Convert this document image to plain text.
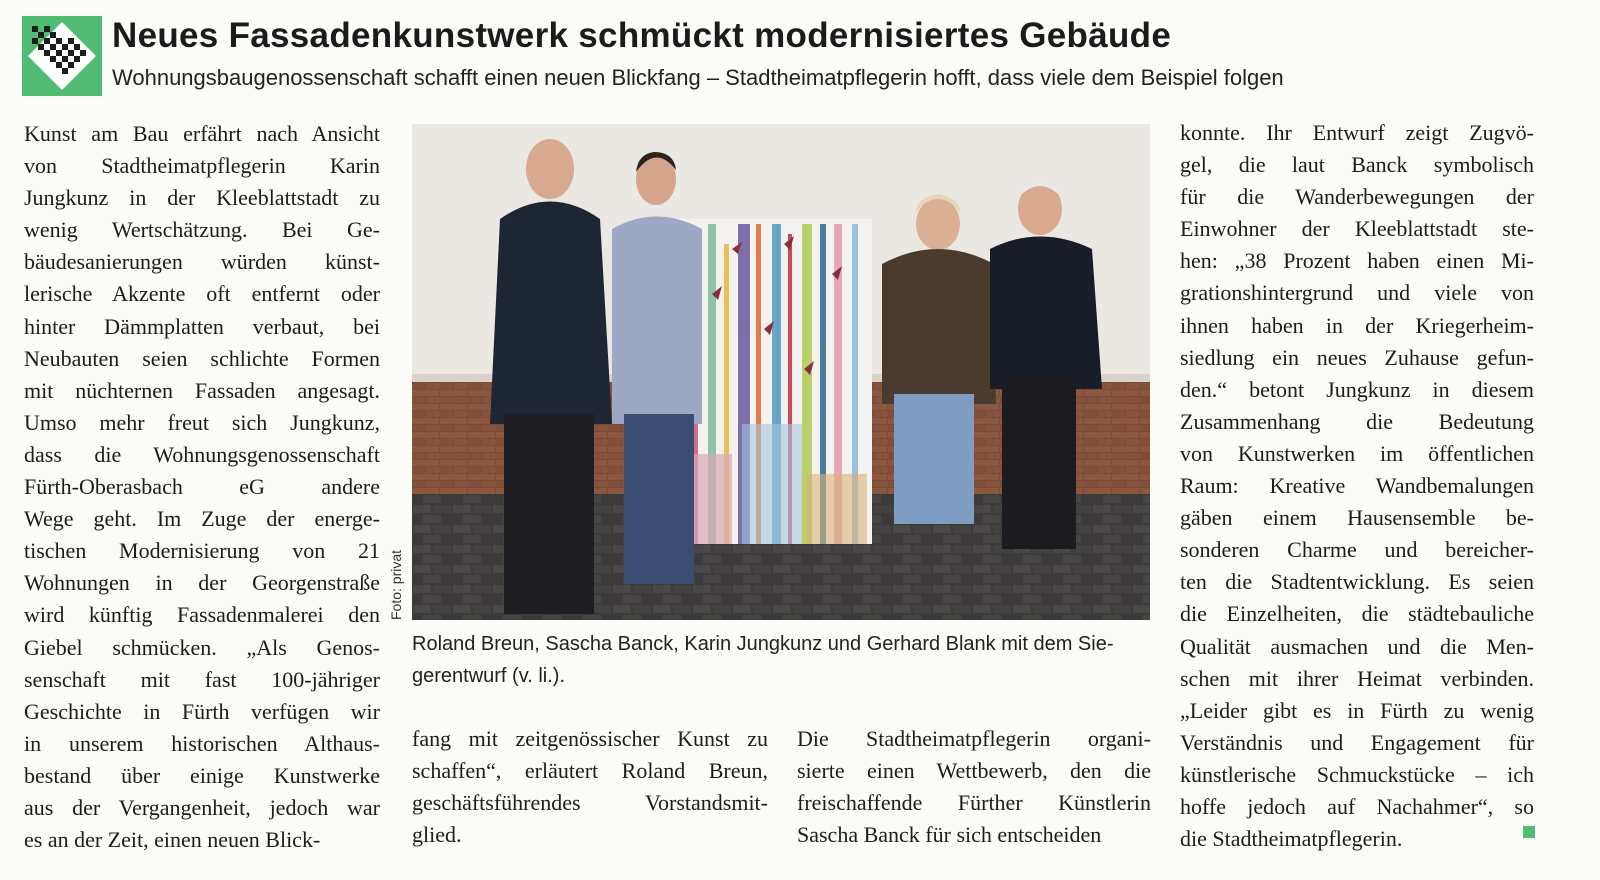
Neues Fassadenkunstwerk schmückt modernisiertes Gebäude

Wohnungsbaugenossenschaft schafft einen neuen Blickfang – Stadtheimatpflegerin hofft, dass viele dem Beispiel folgen

Kunst am Bau erfährt nach Ansicht
von Stadtheimatpflegerin Karin
Jungkunz in der Kleeblattstadt zu
wenig Wertschätzung. Bei Ge-
bäudesanierungen würden künst-
lerische Akzente oft entfernt oder
hinter Dämmplatten verbaut, bei
Neubauten seien schlichte Formen
mit nüchternen Fassaden angesagt.
Umso mehr freut sich Jungkunz,
dass die Wohnungsgenossenschaft
Fürth-Oberasbach eG andere
Wege geht. Im Zuge der energe-
tischen Modernisierung von 21
Wohnungen in der Georgenstraße
wird künftig Fassadenmalerei den
Giebel schmücken. „Als Genos-
senschaft mit fast 100-jähriger
Geschichte in Fürth verfügen wir
in unserem historischen Althaus-
bestand über einige Kunstwerke
aus der Vergangenheit, jedoch war
es an der Zeit, einen neuen Blick-
Foto: privat
Roland Breun, Sascha Banck, Karin Jungkunz und Gerhard Blank mit dem Sie-
gerentwurf (v. li.).
fang mit zeitgenössischer Kunst zu
schaffen“, erläutert Roland Breun,
geschäftsführendes Vorstandsmit-
glied.
Die Stadtheimatpflegerin organi-
sierte einen Wettbewerb, den die
freischaffende Fürther Künstlerin
Sascha Banck für sich entscheiden
konnte. Ihr Entwurf zeigt Zugvö-
gel, die laut Banck symbolisch
für die Wanderbewegungen der
Einwohner der Kleeblattstadt ste-
hen: „38 Prozent haben einen Mi-
grationshintergrund und viele von
ihnen haben in der Kriegerheim-
siedlung ein neues Zuhause gefun-
den.“ betont Jungkunz in diesem
Zusammenhang die Bedeutung
von Kunstwerken im öffentlichen
Raum: Kreative Wandbemalungen
gäben einem Hausensemble be-
sonderen Charme und bereicher-
ten die Stadtentwicklung. Es seien
die Einzelheiten, die städtebauliche
Qualität ausmachen und die Men-
schen mit ihrer Heimat verbinden.
„Leider gibt es in Fürth zu wenig
Verständnis und Engagement für
künstlerische Schmuckstücke – ich
hoffe jedoch auf Nachahmer“, so
die Stadtheimatpflegerin.
